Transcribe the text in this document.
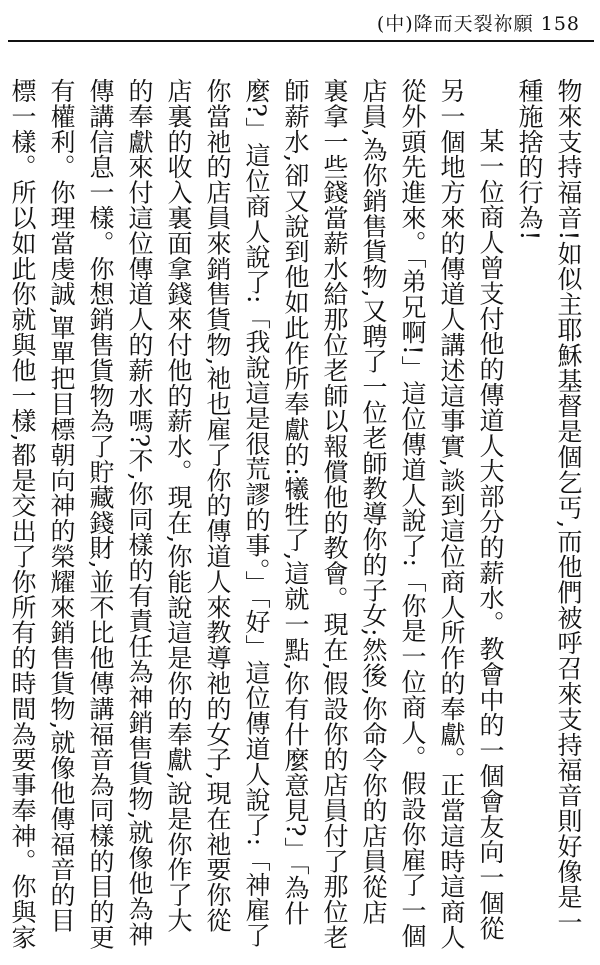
(中)降而天裂祢願 158

物來支持福音!如似主耶穌基督是個乞丐,而他們被呼召來支持福音則好像是一種施捨的行為!

某一位商人曾支付他的傳道人大部分的薪水。教會中的一個會友向一個從另一個地方來的傳道人講述這事實,談到這位商人所作的奉獻。正當這時這商人從外頭先進來。「弟兄啊!」這位傳道人說了:「你是一位商人。假設你雇了一個店員,為你銷售貨物,又聘了一位老師教導你的子女;然後,你命令你的店員從店裏拿一些錢當薪水給那位老師以報償他的教會。現在,假設你的店員付了那位老師薪水,卻又說到他如此作所奉獻的:犧牲了,這就一點,你有什麼意見?」「為什麼?」這位商人說了:「我說這是很荒謬的事。」「好」這位傳道人說了:「神雇了你當祂的店員來銷售貨物,祂也雇了你的傳道人來教導祂的女子,現在祂要你從店裏的收入裏面拿錢來付他的薪水。現在,你能說這是你的奉獻,說是你作了大的奉獻來付這位傳道人的薪水嗎?不,你同樣的有責任為神銷售貨物,就像他為神傳講信息一樣。你想銷售貨物為了貯藏錢財,並不比他傳講福音為同樣的目的更有權利。你理當虔誠,單單把目標朝向神的榮耀來銷售貨物,就像他傳福音的目標一樣。所以如此你就與他一樣,都是交出了你所有的時間為要事奉神。你與家
